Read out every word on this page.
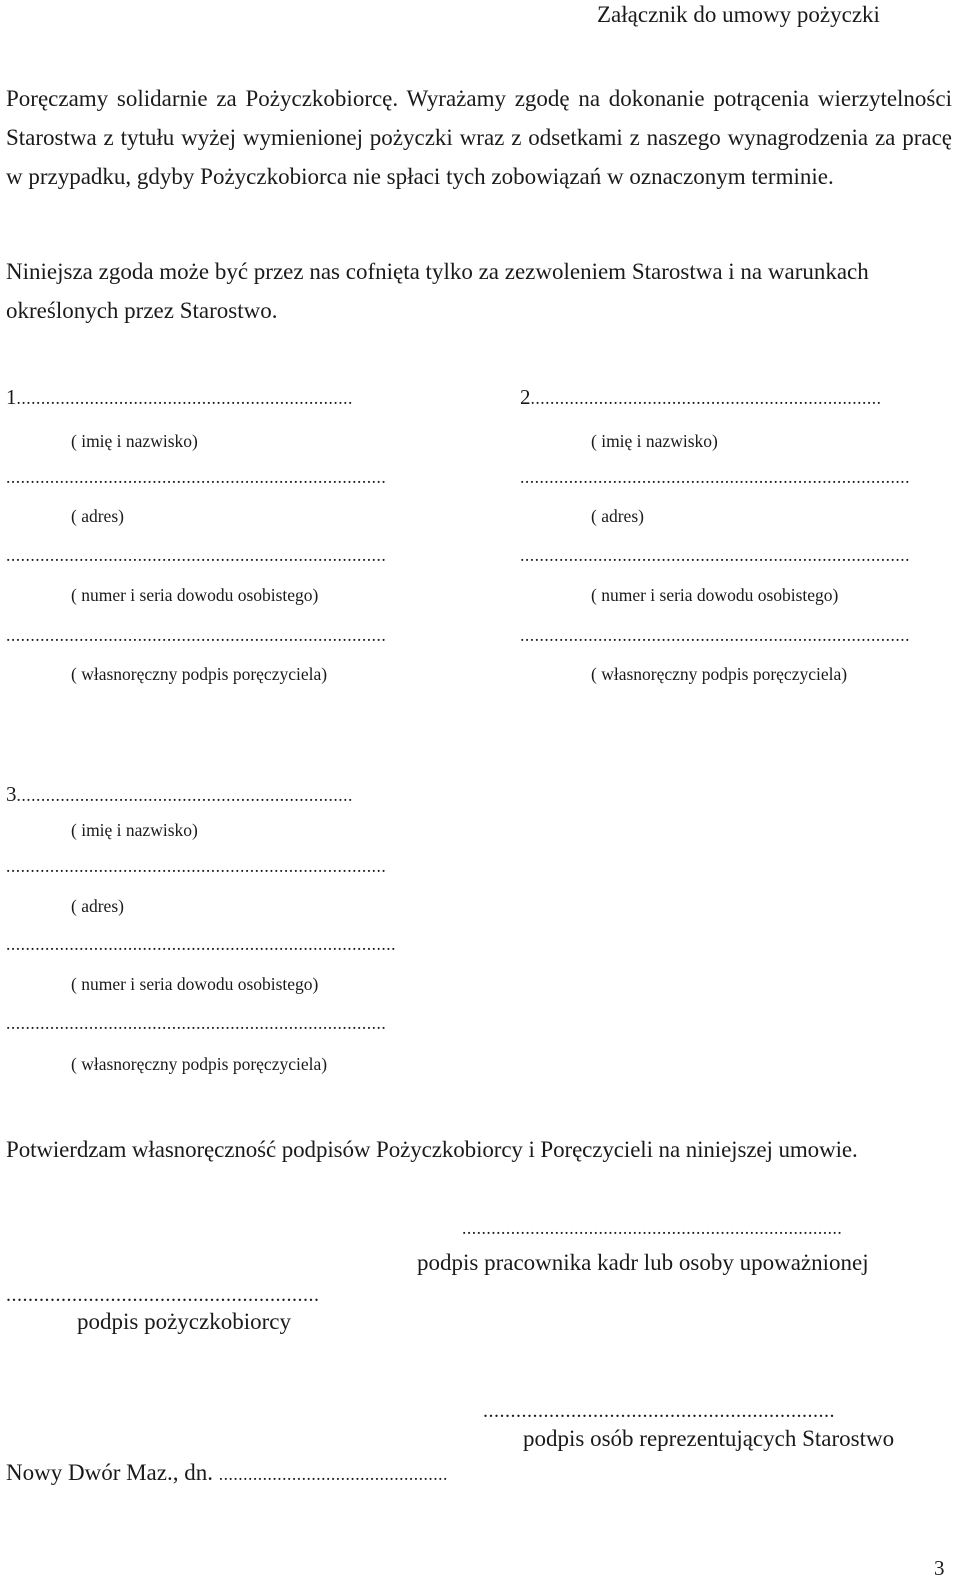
Załącznik do umowy pożyczki
Poręczamy solidarnie za Pożyczkobiorcę. Wyrażamy zgodę na dokonanie potrącenia wierzytelności Starostwa z tytułu wyżej wymienionej pożyczki wraz z odsetkami z naszego wynagrodzenia za pracę w przypadku, gdyby Pożyczkobiorca nie spłaci tych zobowiązań w oznaczonym terminie.
Niniejsza zgoda może być przez nas cofnięta tylko za zezwoleniem Starostwa i na warunkach określonych przez Starostwo.
1.....................................................................
( imię i nazwisko)
..............................................................................
( adres)
..............................................................................
( numer i seria dowodu osobistego)
..............................................................................
( własnoręczny podpis poręczyciela)
2........................................................................
( imię i nazwisko)
................................................................................
( adres)
................................................................................
( numer i seria dowodu osobistego)
................................................................................
( własnoręczny podpis poręczyciela)
3.....................................................................
( imię i nazwisko)
..............................................................................
( adres)
................................................................................
( numer i seria dowodu osobistego)
..............................................................................
( własnoręczny podpis poręczyciela)
Potwierdzam własnoręczność podpisów Pożyczkobiorcy i Poręczycieli na niniejszej umowie.
..............................................................................
podpis pracownika kadr lub osoby upoważnionej
.........................................................
podpis pożyczkobiorcy
................................................................
podpis osób reprezentujących Starostwo
Nowy Dwór Maz., dn. ...............................................
3
